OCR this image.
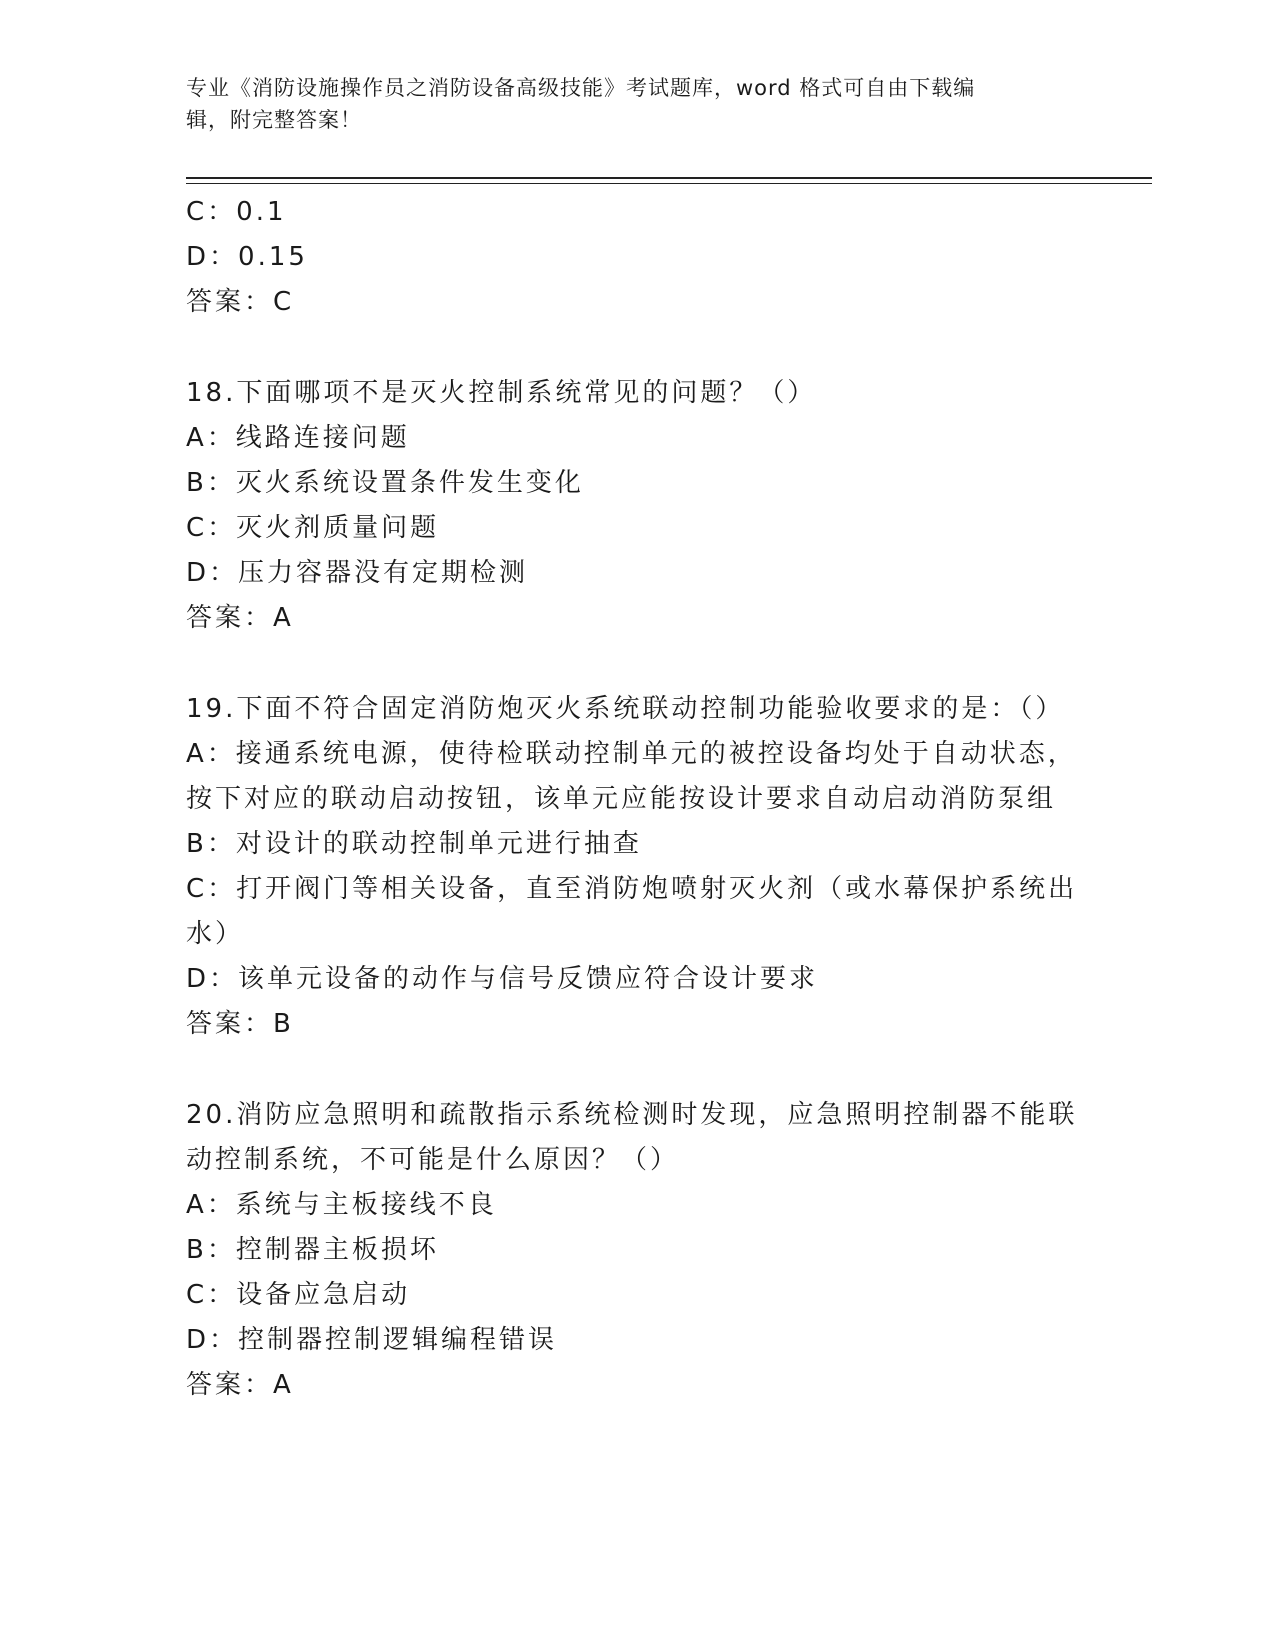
专业《消防设施操作员之消防设备高级技能》考试题库，word 格式可自由下载编
辑，附完整答案！
C：0.1
D：0.15
答案：C
18.下面哪项不是灭火控制系统常见的问题？（）
A：线路连接问题
B：灭火系统设置条件发生变化
C：灭火剂质量问题
D：压力容器没有定期检测
答案：A
19.下面不符合固定消防炮灭火系统联动控制功能验收要求的是：（）
A：接通系统电源，使待检联动控制单元的被控设备均处于自动状态，
按下对应的联动启动按钮，该单元应能按设计要求自动启动消防泵组
B：对设计的联动控制单元进行抽查
C：打开阀门等相关设备，直至消防炮喷射灭火剂（或水幕保护系统出
水）
D：该单元设备的动作与信号反馈应符合设计要求
答案：B
20.消防应急照明和疏散指示系统检测时发现，应急照明控制器不能联
动控制系统，不可能是什么原因？（）
A：系统与主板接线不良
B：控制器主板损坏
C：设备应急启动
D：控制器控制逻辑编程错误
答案：A
